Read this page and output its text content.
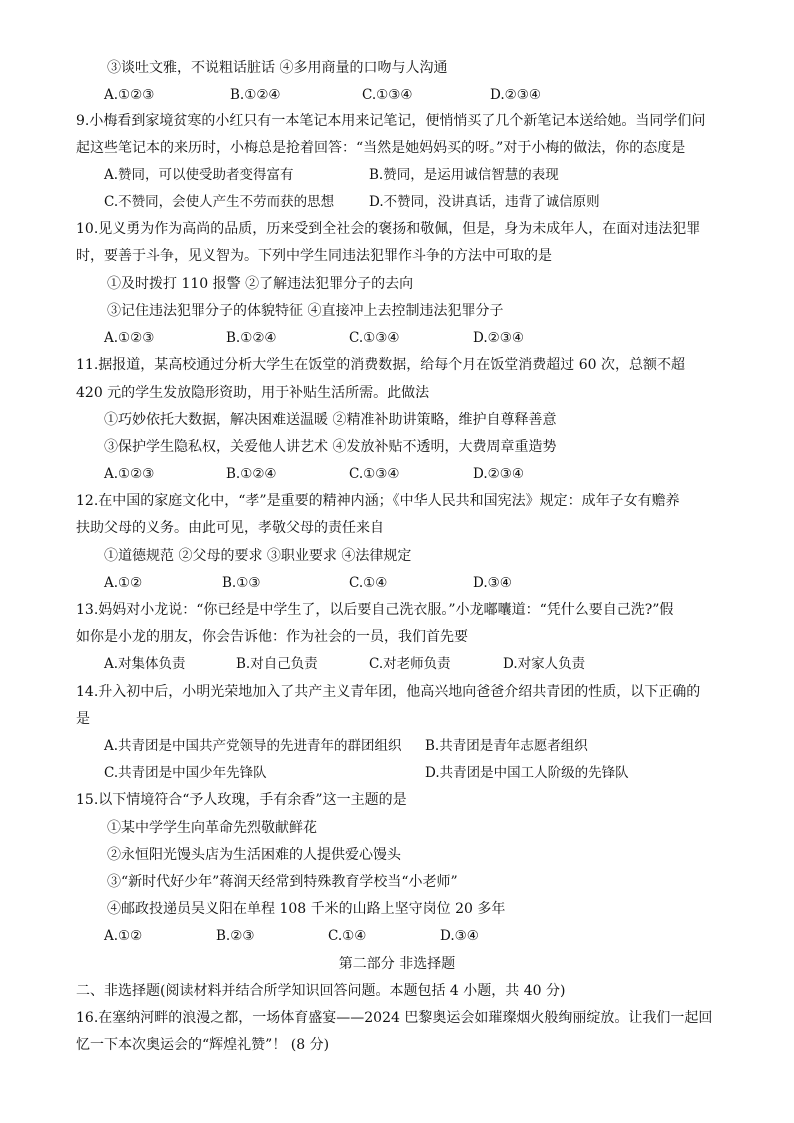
③谈吐文雅，不说粗话脏话 ④多用商量的口吻与人沟通
A.①②③	B.①②④	C.①③④	D.②③④
9.小梅看到家境贫寒的小红只有一本笔记本用来记笔记，便悄悄买了几个新笔记本送给她。当同学们问
起这些笔记本的来历时，小梅总是抢着回答：“当然是她妈妈买的呀。”对于小梅的做法，你的态度是
A.赞同，可以使受助者变得富有	B.赞同，是运用诚信智慧的表现
C.不赞同，会使人产生不劳而获的思想	D.不赞同，没讲真话，违背了诚信原则
10.见义勇为作为高尚的品质，历来受到全社会的褒扬和敬佩，但是，身为未成年人，在面对违法犯罪
时，要善于斗争，见义智为。下列中学生同违法犯罪作斗争的方法中可取的是
①及时拨打 110 报警 ②了解违法犯罪分子的去向
③记住违法犯罪分子的体貌特征 ④直接冲上去控制违法犯罪分子
A.①②③	B.①②④	C.①③④	D.②③④
11.据报道，某高校通过分析大学生在饭堂的消费数据，给每个月在饭堂消费超过 60 次，总额不超
420 元的学生发放隐形资助，用于补贴生活所需。此做法
①巧妙依托大数据，解决困难送温暖 ②精准补助讲策略，维护自尊释善意
③保护学生隐私权，关爱他人讲艺术 ④发放补贴不透明，大费周章重造势
A.①②③	B.①②④	C.①③④	D.②③④
12.在中国的家庭文化中，“孝”是重要的精神内涵；《中华人民共和国宪法》规定：成年子女有赡养
扶助父母的义务。由此可见，孝敬父母的责任来自
①道德规范 ②父母的要求 ③职业要求 ④法律规定
A.①②	B.①③	C.①④	D.③④
13.妈妈对小龙说：“你已经是中学生了，以后要自己洗衣服。”小龙嘟囔道：“凭什么要自己洗?”假
如你是小龙的朋友，你会告诉他：作为社会的一员，我们首先要
A.对集体负责	B.对自己负责	C.对老师负责	D.对家人负责
14.升入初中后，小明光荣地加入了共产主义青年团，他高兴地向爸爸介绍共青团的性质，以下正确的
是
A.共青团是中国共产党领导的先进青年的群团组织 B.共青团是青年志愿者组织
C.共青团是中国少年先锋队	D.共青团是中国工人阶级的先锋队
15.以下情境符合“予人玫瑰，手有余香”这一主题的是
①某中学学生向革命先烈敬献鲜花
②永恒阳光馒头店为生活困难的人提供爱心馒头
③“新时代好少年”蒋润天经常到特殊教育学校当“小老师”
④邮政投递员吴义阳在单程 108 千米的山路上坚守岗位 20 多年
A.①②	B.②③	C.①④	D.③④
第二部分 非选择题
二、非选择题(阅读材料并结合所学知识回答问题。本题包括 4 小题，共 40 分)
16.在塞纳河畔的浪漫之都，一场体育盛宴——2024 巴黎奥运会如璀璨烟火般绚丽绽放。让我们一起回
忆一下本次奥运会的“辉煌礼赞”！ (8 分)
